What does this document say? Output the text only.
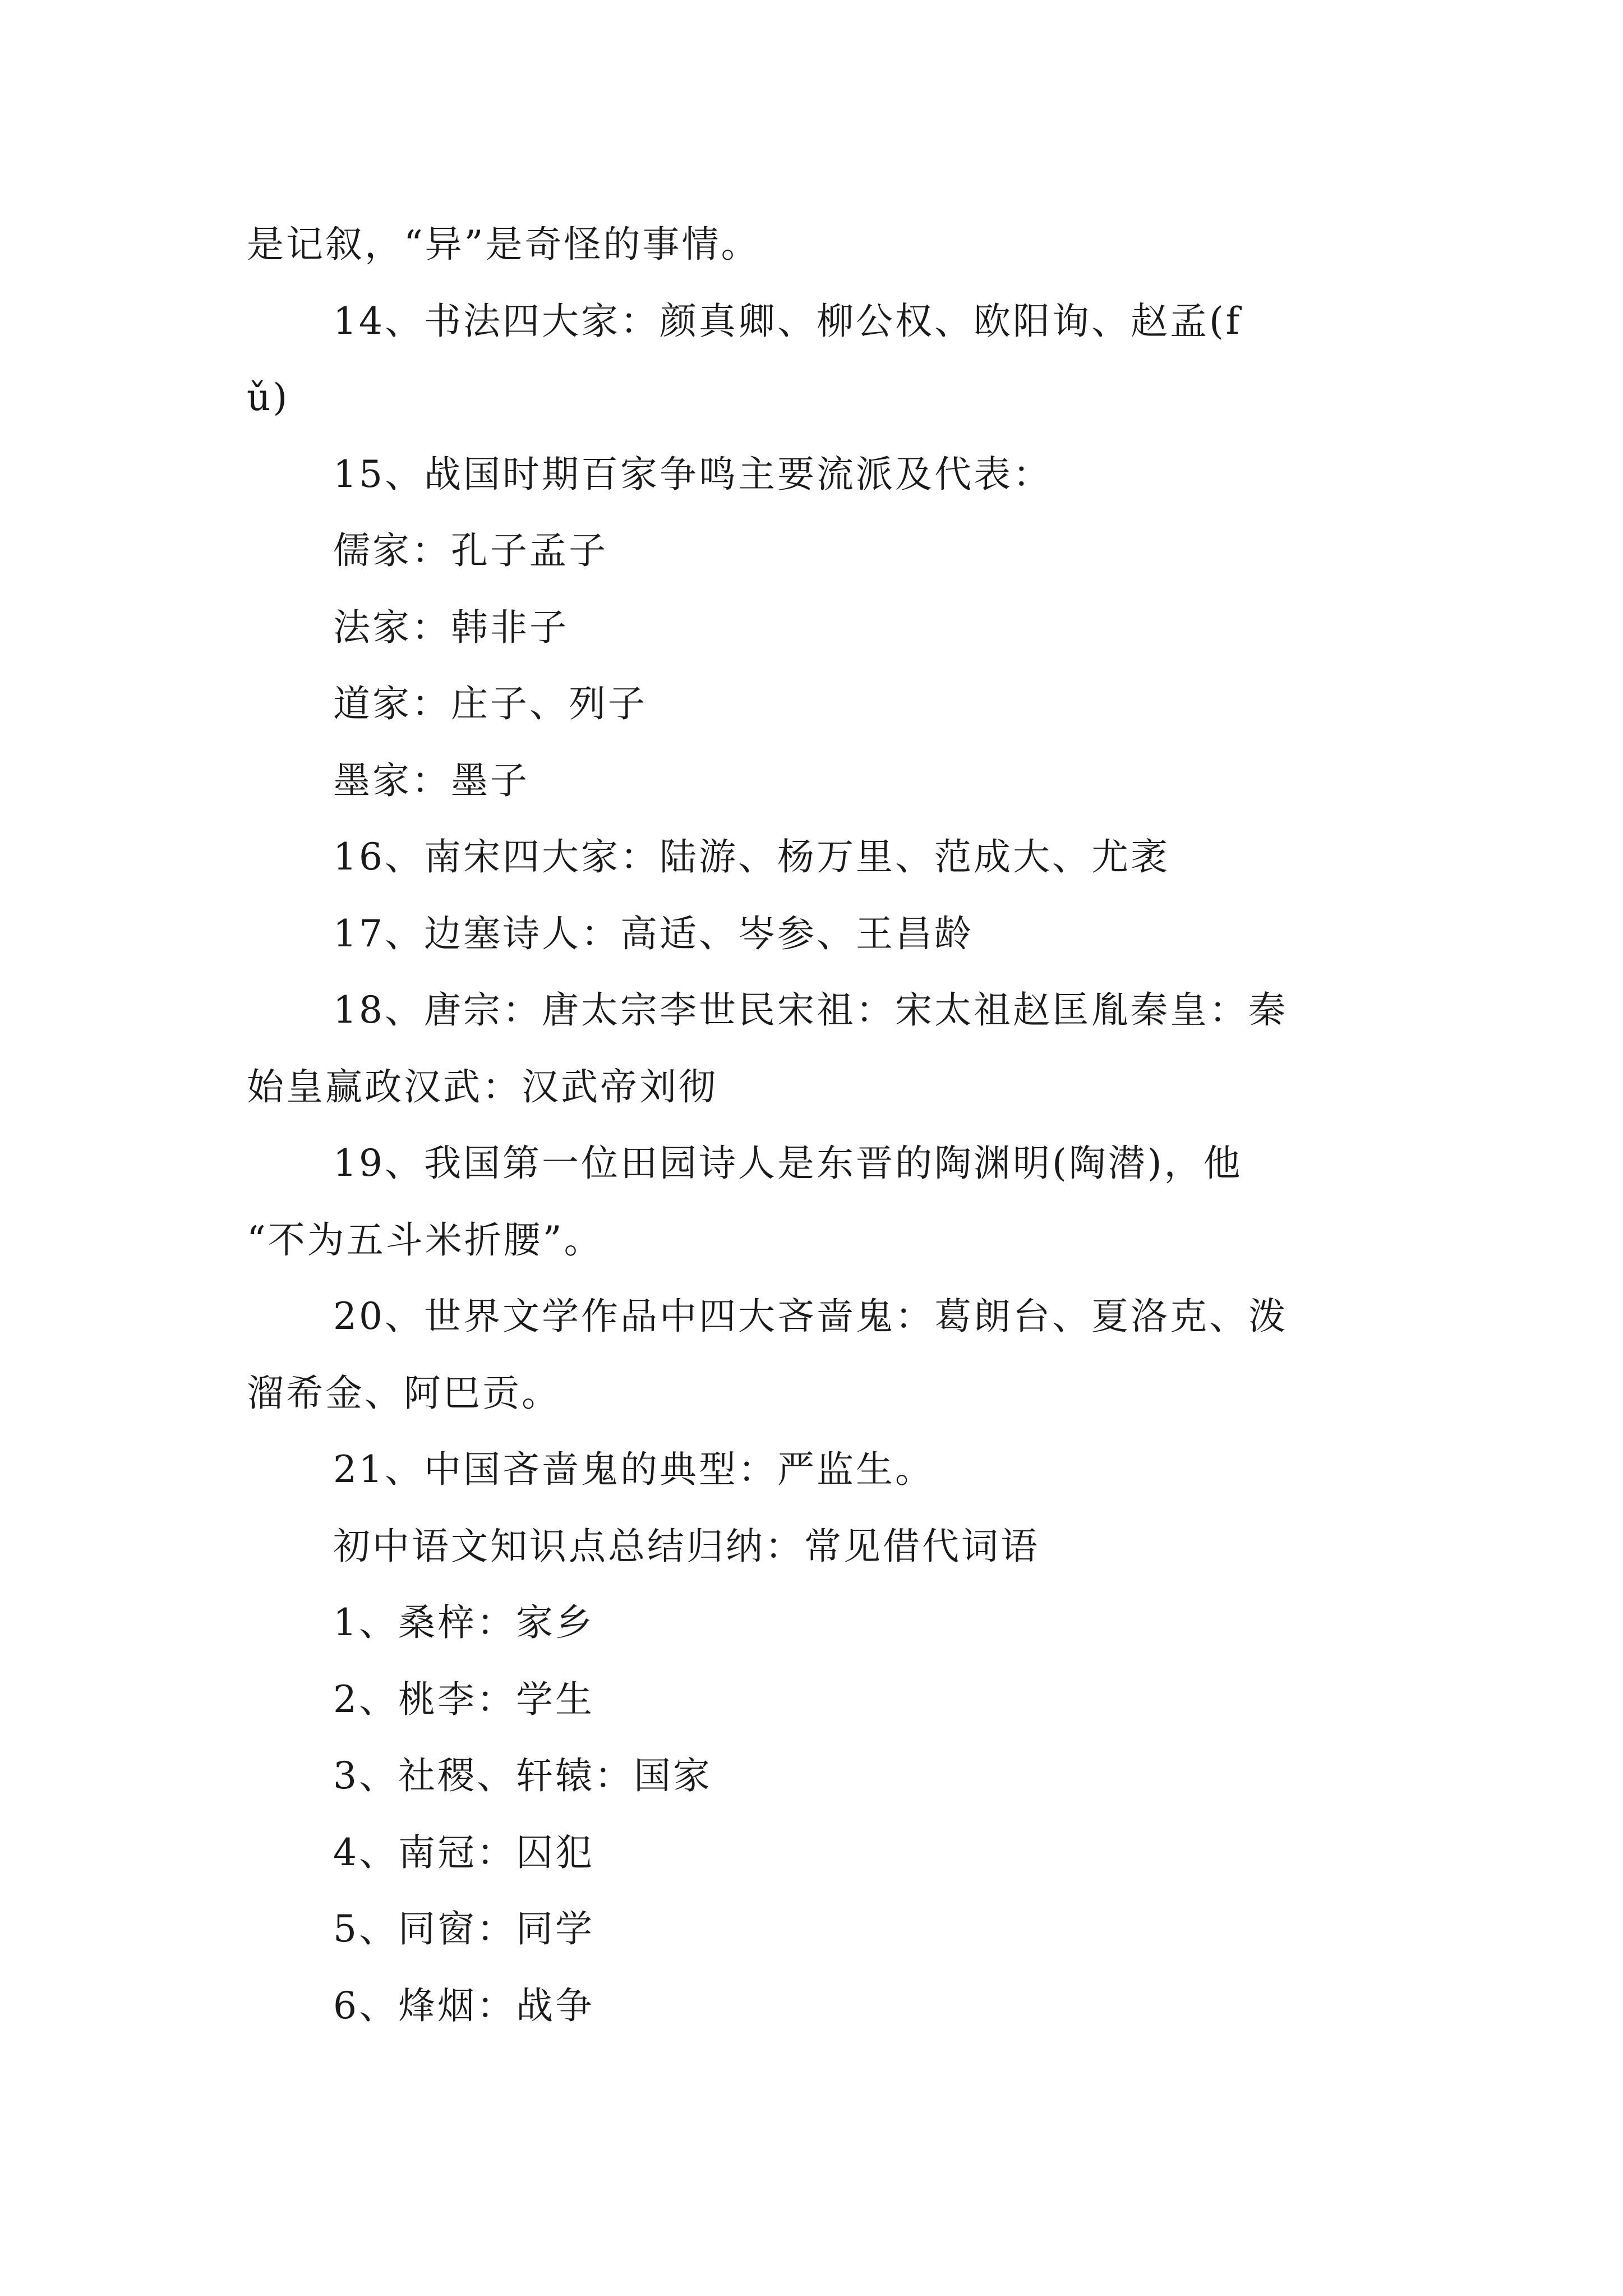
是记叙，“异”是奇怪的事情。
14、书法四大家：颜真卿、柳公权、欧阳询、赵孟(f
ǔ)
15、战国时期百家争鸣主要流派及代表：
儒家：孔子孟子
法家：韩非子
道家：庄子、列子
墨家：墨子
16、南宋四大家：陆游、杨万里、范成大、尤袤
17、边塞诗人：高适、岑参、王昌龄
18、唐宗：唐太宗李世民宋祖：宋太祖赵匡胤秦皇：秦
始皇赢政汉武：汉武帝刘彻
19、我国第一位田园诗人是东晋的陶渊明(陶潜)，他
“不为五斗米折腰”。
20、世界文学作品中四大吝啬鬼：葛朗台、夏洛克、泼
溜希金、阿巴贡。
21、中国吝啬鬼的典型：严监生。
初中语文知识点总结归纳：常见借代词语
1、桑梓：家乡
2、桃李：学生
3、社稷、轩辕：国家
4、南冠：囚犯
5、同窗：同学
6、烽烟：战争
